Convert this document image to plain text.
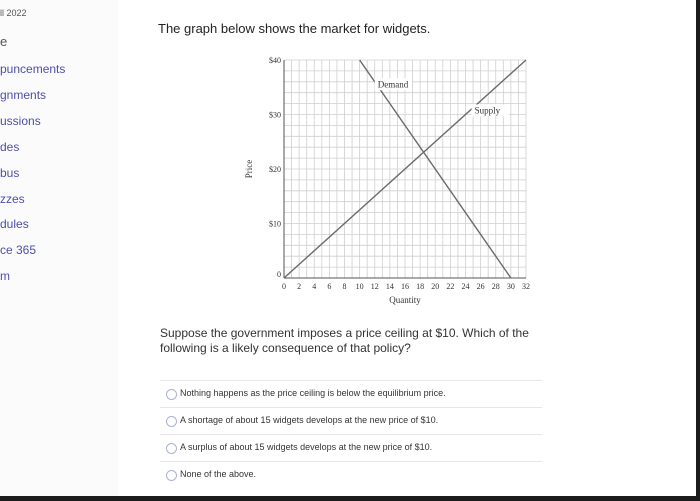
ll 2022
e
puncements
gnments
ussions
des
bus
zzes
dules
ce 365
m
The graph below shows the market for widgets.
0
$10
$20
$30
$40
0 2 4 6 8 10 12 14 16 18 20 22 24 26 28 30 32
Quantity
Price
Demand
Supply
Suppose the government imposes a price ceiling at $10. Which of the following is a likely consequence of that policy?
Nothing happens as the price ceiling is below the equilibrium price.
A shortage of about 15 widgets develops at the new price of $10.
A surplus of about 15 widgets develops at the new price of $10.
None of the above.
